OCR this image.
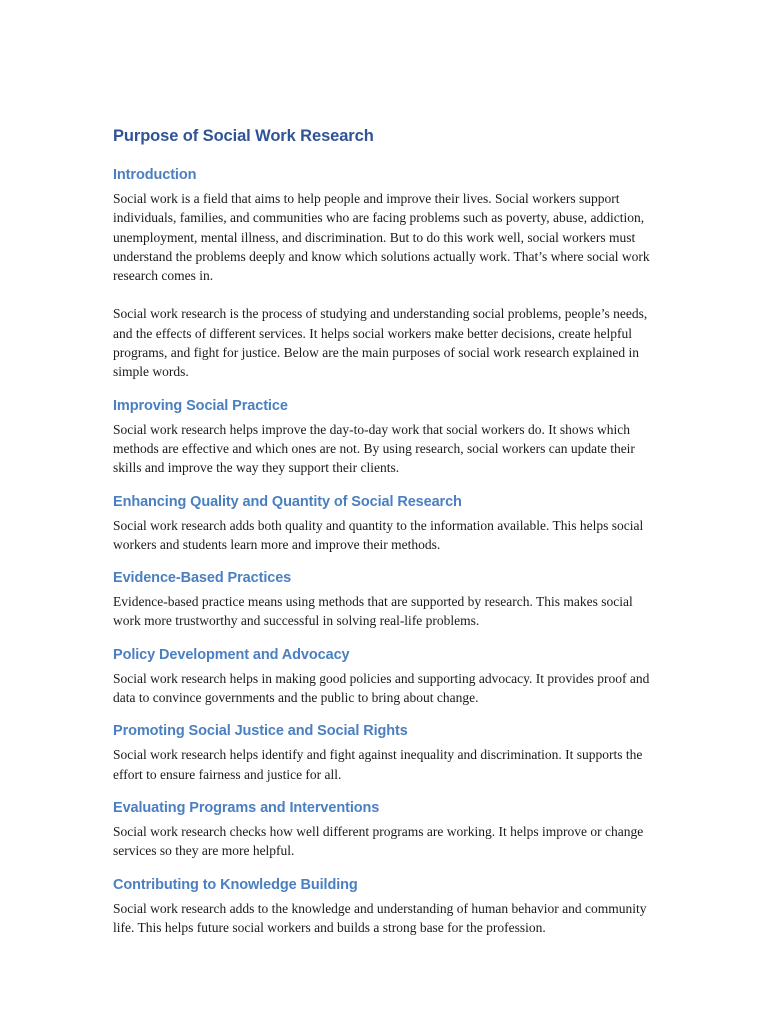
Purpose of Social Work Research
Introduction

Social work is a field that aims to help people and improve their lives. Social workers support individuals, families, and communities who are facing problems such as poverty, abuse, addiction, unemployment, mental illness, and discrimination. But to do this work well, social workers must understand the problems deeply and know which solutions actually work. That’s where social work research comes in.

Social work research is the process of studying and understanding social problems, people’s needs, and the effects of different services. It helps social workers make better decisions, create helpful programs, and fight for justice. Below are the main purposes of social work research explained in simple words.

Improving Social Practice

Social work research helps improve the day-to-day work that social workers do. It shows which methods are effective and which ones are not. By using research, social workers can update their skills and improve the way they support their clients.

Enhancing Quality and Quantity of Social Research

Social work research adds both quality and quantity to the information available. This helps social workers and students learn more and improve their methods.

Evidence-Based Practices

Evidence-based practice means using methods that are supported by research. This makes social work more trustworthy and successful in solving real-life problems.

Policy Development and Advocacy

Social work research helps in making good policies and supporting advocacy. It provides proof and data to convince governments and the public to bring about change.

Promoting Social Justice and Social Rights

Social work research helps identify and fight against inequality and discrimination. It supports the effort to ensure fairness and justice for all.

Evaluating Programs and Interventions

Social work research checks how well different programs are working. It helps improve or change services so they are more helpful.

Contributing to Knowledge Building

Social work research adds to the knowledge and understanding of human behavior and community life. This helps future social workers and builds a strong base for the profession.
